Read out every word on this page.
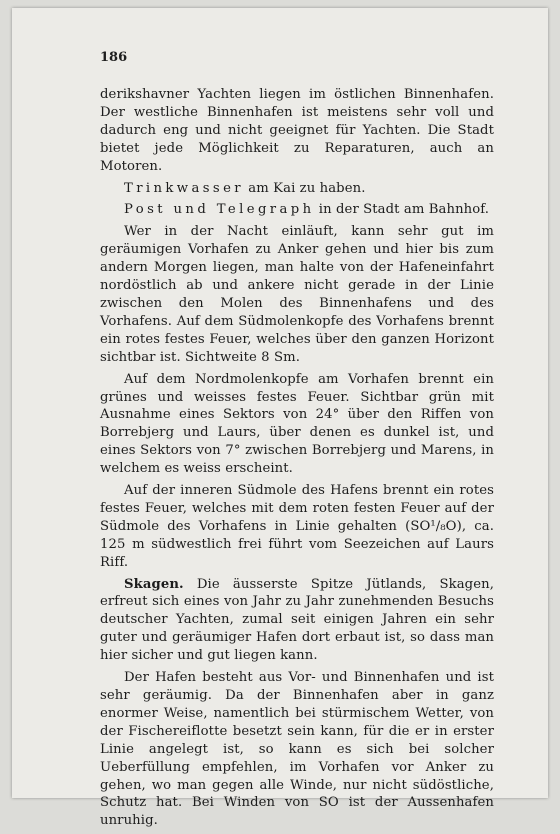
186

derikshavner Yachten liegen im östlichen Binnenhafen. Der westliche Binnenhafen ist meistens sehr voll und dadurch eng und nicht geeignet für Yachten. Die Stadt bietet jede Möglichkeit zu Reparaturen, auch an Motoren.

Trinkwasser am Kai zu haben.

Post und Telegraph in der Stadt am Bahnhof.

Wer in der Nacht einläuft, kann sehr gut im geräumigen Vorhafen zu Anker gehen und hier bis zum andern Morgen liegen, man halte von der Hafeneinfahrt nordöstlich ab und ankere nicht gerade in der Linie zwischen den Molen des Binnenhafens und des Vorhafens. Auf dem Südmolenkopfe des Vorhafens brennt ein rotes festes Feuer, welches über den ganzen Horizont sichtbar ist. Sichtweite 8 Sm.

Auf dem Nordmolenkopfe am Vorhafen brennt ein grünes und weisses festes Feuer. Sichtbar grün mit Ausnahme eines Sektors von 24° über den Riffen von Borrebjerg und Laurs, über denen es dunkel ist, und eines Sektors von 7° zwischen Borrebjerg und Marens, in welchem es weiss erscheint.

Auf der inneren Südmole des Hafens brennt ein rotes festes Feuer, welches mit dem roten festen Feuer auf der Südmole des Vorhafens in Linie gehalten (SO¹/₈O), ca. 125 m südwestlich frei führt vom Seezeichen auf Laurs Riff.

Skagen. Die äusserste Spitze Jütlands, Skagen, erfreut sich eines von Jahr zu Jahr zunehmenden Besuchs deutscher Yachten, zumal seit einigen Jahren ein sehr guter und geräumiger Hafen dort erbaut ist, so dass man hier sicher und gut liegen kann.

Der Hafen besteht aus Vor- und Binnenhafen und ist sehr geräumig. Da der Binnenhafen aber in ganz enormer Weise, namentlich bei stürmischem Wetter, von der Fischereiflotte besetzt sein kann, für die er in erster Linie angelegt ist, so kann es sich bei solcher Ueberfüllung empfehlen, im Vorhafen vor Anker zu gehen, wo man gegen alle Winde, nur nicht südöstliche, Schutz hat. Bei Winden von SO ist der Aussenhafen unruhig.
